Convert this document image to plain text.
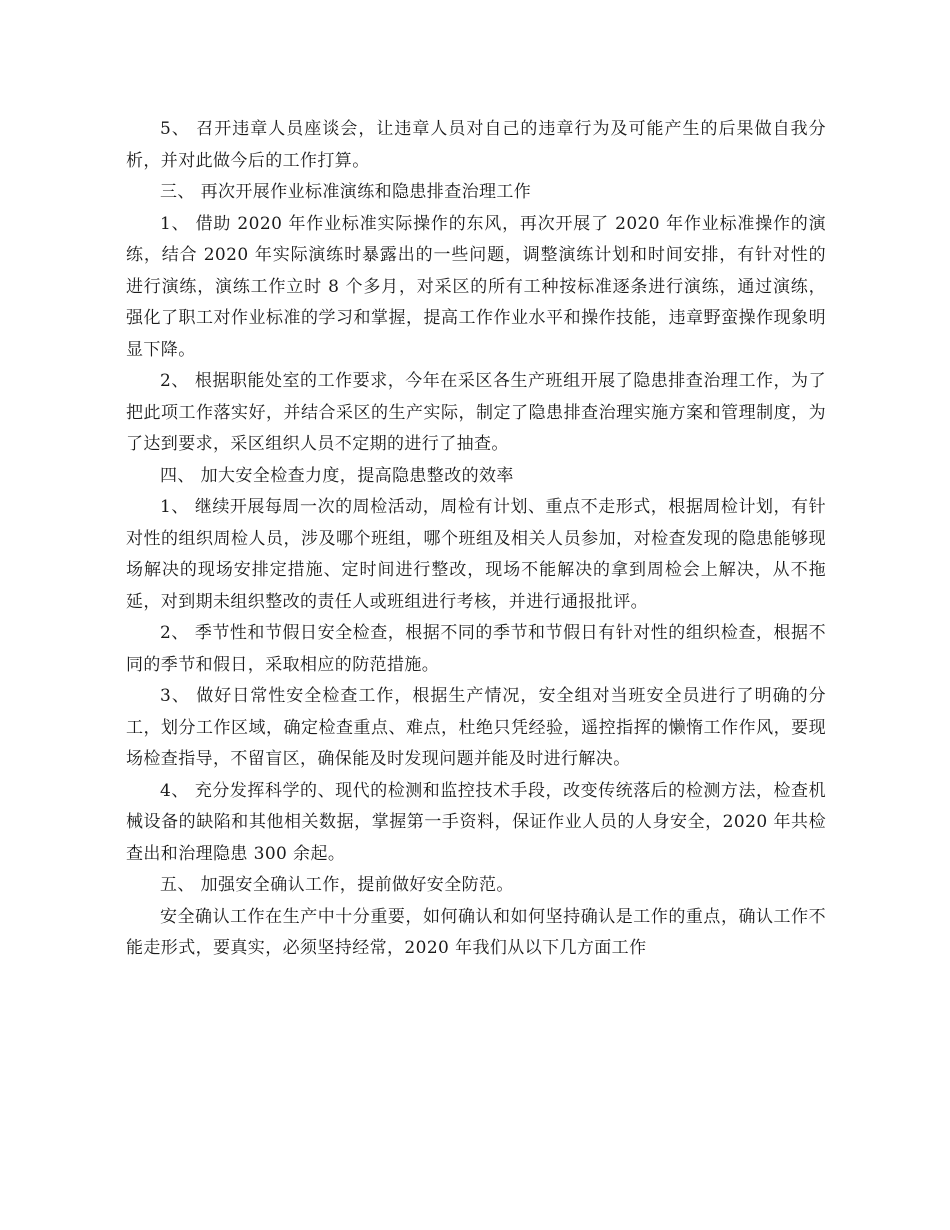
5、 召开违章人员座谈会，让违章人员对自己的违章行为及可能产生的后果做自我分析，并对此做今后的工作打算。

三、 再次开展作业标准演练和隐患排查治理工作

1、 借助 2020 年作业标准实际操作的东风，再次开展了 2020 年作业标准操作的演练，结合 2020 年实际演练时暴露出的一些问题，调整演练计划和时间安排，有针对性的进行演练，演练工作立时 8 个多月，对采区的所有工种按标准逐条进行演练，通过演练，强化了职工对作业标准的学习和掌握，提高工作作业水平和操作技能，违章野蛮操作现象明显下降。

2、 根据职能处室的工作要求，今年在采区各生产班组开展了隐患排查治理工作，为了把此项工作落实好，并结合采区的生产实际，制定了隐患排查治理实施方案和管理制度，为了达到要求，采区组织人员不定期的进行了抽查。

四、 加大安全检查力度，提高隐患整改的效率

1、 继续开展每周一次的周检活动，周检有计划、重点不走形式，根据周检计划，有针对性的组织周检人员，涉及哪个班组，哪个班组及相关人员参加，对检查发现的隐患能够现场解决的现场安排定措施、定时间进行整改，现场不能解决的拿到周检会上解决，从不拖延，对到期未组织整改的责任人或班组进行考核，并进行通报批评。

2、 季节性和节假日安全检查，根据不同的季节和节假日有针对性的组织检查，根据不同的季节和假日，采取相应的防范措施。

3、 做好日常性安全检查工作，根据生产情况，安全组对当班安全员进行了明确的分工，划分工作区域，确定检查重点、难点，杜绝只凭经验，遥控指挥的懒惰工作作风，要现场检查指导，不留盲区，确保能及时发现问题并能及时进行解决。

4、 充分发挥科学的、现代的检测和监控技术手段，改变传统落后的检测方法，检查机械设备的缺陷和其他相关数据，掌握第一手资料，保证作业人员的人身安全，2020 年共检查出和治理隐患 300 余起。

五、 加强安全确认工作，提前做好安全防范。

安全确认工作在生产中十分重要，如何确认和如何坚持确认是工作的重点，确认工作不能走形式，要真实，必须坚持经常，2020 年我们从以下几方面工作
